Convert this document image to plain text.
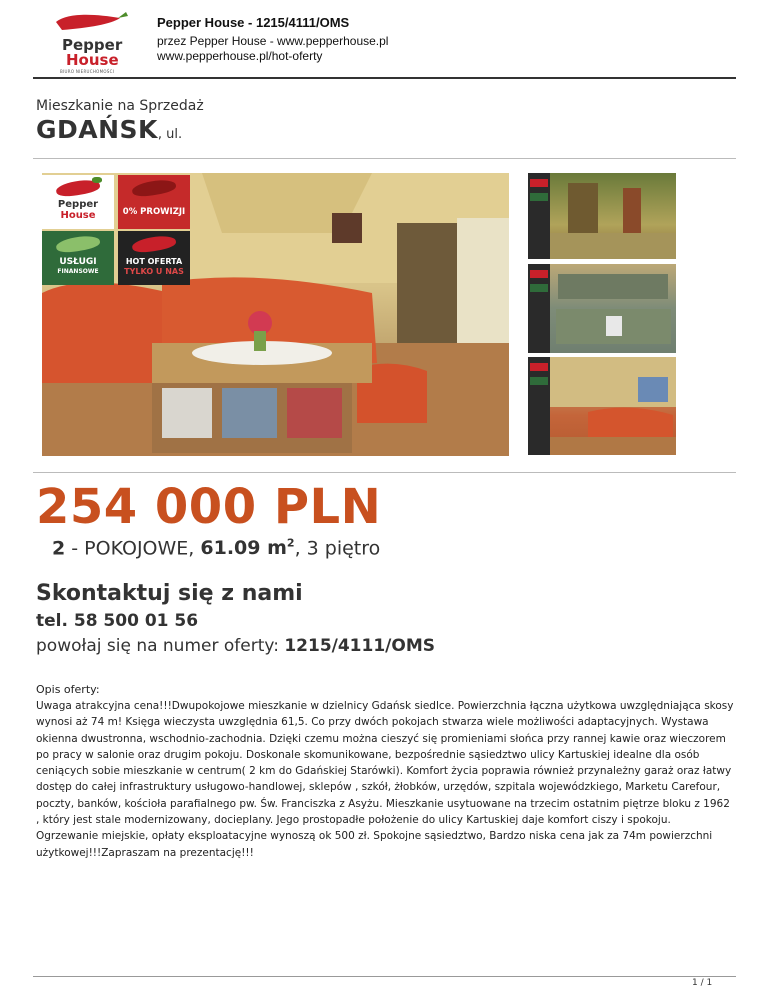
Pepper
House
BIURO NIERUCHOMOŚCI
Pepper House - 1215/4111/OMS
przez Pepper House - www.pepperhouse.pl
www.pepperhouse.pl/hot-oferty
Mieszkanie na Sprzedaż
GDAŃSK, ul.
Pepper
House	0% PROWIZJI
USŁUGI
FINANSOWE
HOT OFERTA
TYLKO U NAS
254 000 PLN
2 - POKOJOWE, 61.09 $m^2$, 3 piętro
Skontaktuj się z nami
tel. 58 500 01 56
powołaj się na numer oferty: 1215/4111/OMS
Opis oferty:
Uwaga atrakcyjna cena!!!Dwupokojowe mieszkanie w dzielnicy Gdańsk siedlce. Powierzchnia łączna użytkowa uwzględniająca skosy wynosi aż 74 m! Księga wieczysta uwzględnia 61,5. Co przy dwóch pokojach stwarza wiele możliwości adaptacyjnych. Wystawa okienna dwustronna, wschodnio-zachodnia. Dzięki czemu można cieszyć się promieniami słońca przy rannej kawie oraz wieczorem po pracy w salonie oraz drugim pokoju. Doskonale skomunikowane, bezpośrednie sąsiedztwo ulicy Kartuskiej idealne dla osób ceniących sobie mieszkanie w centrum( 2 km do Gdańskiej Starówki). Komfort życia poprawia również przynależny garaż oraz łatwy dostęp do całej infrastruktury usługowo-handlowej, sklepów , szkół, żłobków, urzędów, szpitala wojewódzkiego, Marketu Carefour, poczty, banków, kościoła parafialnego pw. Św. Franciszka z Asyżu. Mieszkanie usytuowane na trzecim ostatnim piętrze bloku z 1962 , który jest stale modernizowany, docieplany. Jego prostopadłe położenie do ulicy Kartuskiej daje komfort ciszy i spokoju. Ogrzewanie miejskie, opłaty eksploatacyjne wynoszą ok 500 zł. Spokojne sąsiedztwo, Bardzo niska cena jak za 74m powierzchni użytkowej!!!Zapraszam na prezentację!!!
1 / 1
